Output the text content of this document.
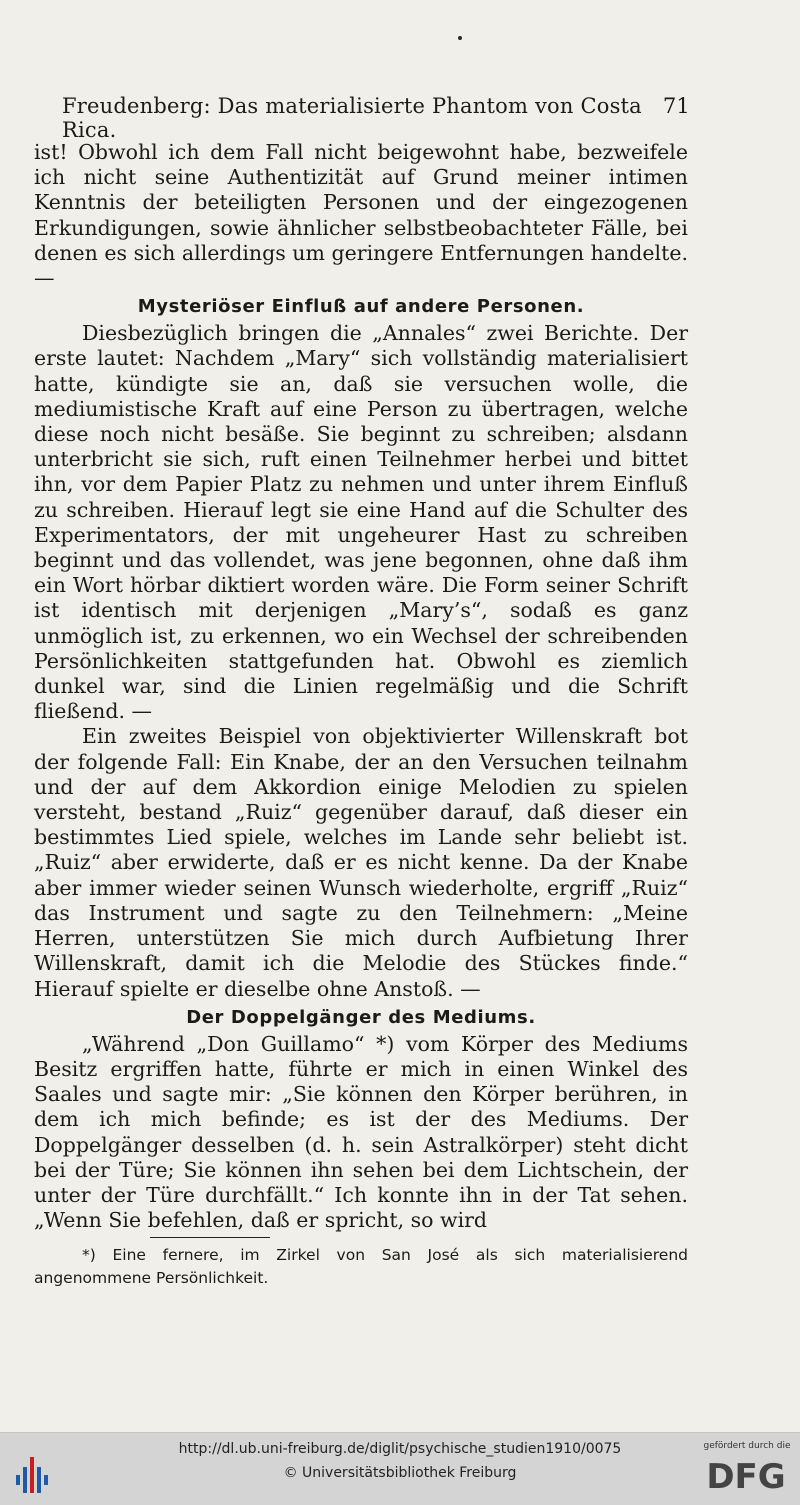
Freudenberg: Das materialisierte Phantom von Costa Rica.
71

ist! Obwohl ich dem Fall nicht beigewohnt habe, bezweifele ich nicht seine Authentizität auf Grund meiner intimen Kenntnis der beteiligten Personen und der eingezogenen Erkundigungen, sowie ähnlicher selbstbeobachteter Fälle, bei denen es sich allerdings um geringere Entfernungen handelte. —

Mysteriöser Einfluß auf andere Personen.

Diesbezüglich bringen die „Annales“ zwei Berichte. Der erste lautet: Nachdem „Mary“ sich vollständig materialisiert hatte, kündigte sie an, daß sie versuchen wolle, die mediumistische Kraft auf eine Person zu übertragen, welche diese noch nicht besäße. Sie beginnt zu schreiben; alsdann unterbricht sie sich, ruft einen Teilnehmer herbei und bittet ihn, vor dem Papier Platz zu nehmen und unter ihrem Einfluß zu schreiben. Hierauf legt sie eine Hand auf die Schulter des Experimentators, der mit ungeheurer Hast zu schreiben beginnt und das vollendet, was jene begonnen, ohne daß ihm ein Wort hörbar diktiert worden wäre. Die Form seiner Schrift ist identisch mit derjenigen „Mary’s“, sodaß es ganz unmöglich ist, zu erkennen, wo ein Wechsel der schreibenden Persönlichkeiten stattgefunden hat. Obwohl es ziemlich dunkel war, sind die Linien regelmäßig und die Schrift fließend. —

Ein zweites Beispiel von objektivierter Willenskraft bot der folgende Fall: Ein Knabe, der an den Versuchen teilnahm und der auf dem Akkordion einige Melodien zu spielen versteht, bestand „Ruiz“ gegenüber darauf, daß dieser ein bestimmtes Lied spiele, welches im Lande sehr beliebt ist. „Ruiz“ aber erwiderte, daß er es nicht kenne. Da der Knabe aber immer wieder seinen Wunsch wiederholte, ergriff „Ruiz“ das Instrument und sagte zu den Teilnehmern: „Meine Herren, unterstützen Sie mich durch Aufbietung Ihrer Willenskraft, damit ich die Melodie des Stückes finde.“ Hierauf spielte er dieselbe ohne Anstoß. —

Der Doppelgänger des Mediums.

„Während „Don Guillamo“ *) vom Körper des Mediums Besitz ergriffen hatte, führte er mich in einen Winkel des Saales und sagte mir: „Sie können den Körper berühren, in dem ich mich befinde; es ist der des Mediums. Der Doppelgänger desselben (d. h. sein Astralkörper) steht dicht bei der Türe; Sie können ihn sehen bei dem Lichtschein, der unter der Türe durchfällt.“ Ich konnte ihn in der Tat sehen. „Wenn Sie befehlen, daß er spricht, so wird

*) Eine fernere, im Zirkel von San José als sich materialisierend angenommene Persönlichkeit.
http://dl.ub.uni-freiburg.de/diglit/psychische_studien1910/0075
© Universitätsbibliothek Freiburg
gefördert durch die
DFG
